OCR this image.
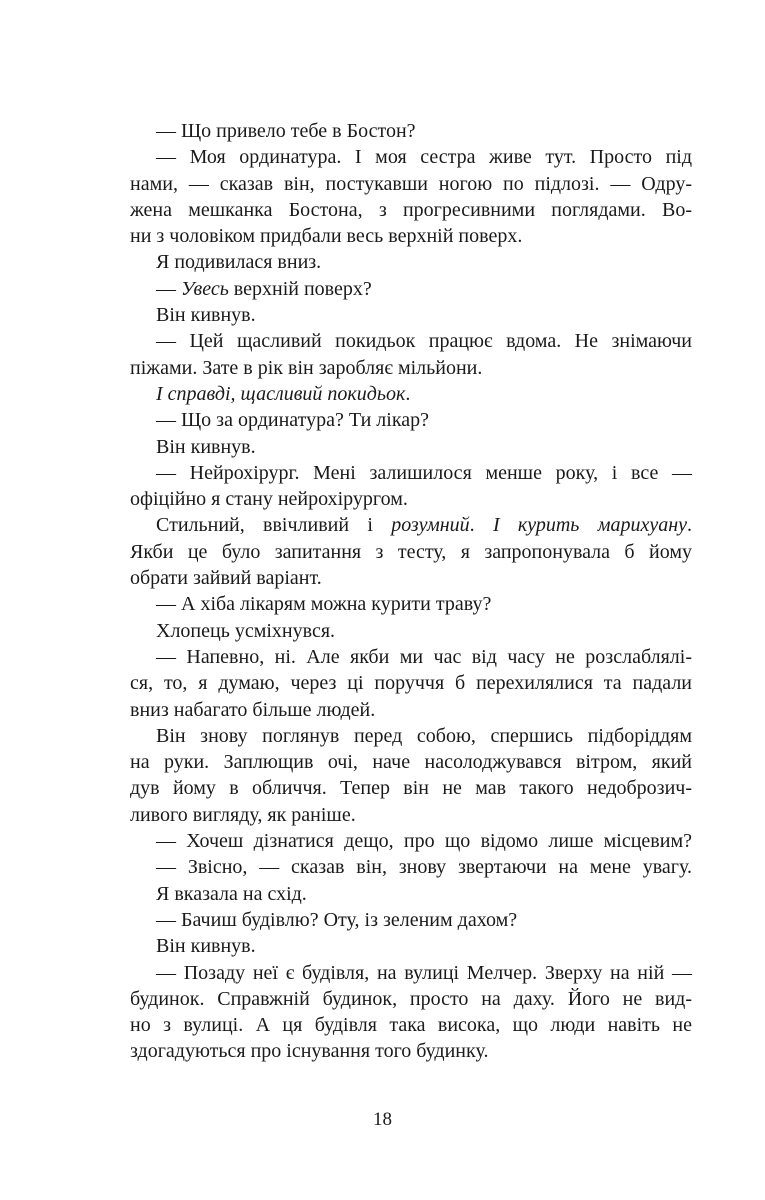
— Що привело тебе в Бостон?
— Моя ординатура. І моя сестра живе тут. Просто під
нами, — сказав він, постукавши ногою по підлозі. — Одру-
жена мешканка Бостона, з прогресивними поглядами. Во-
ни з чоловіком придбали весь верхній поверх.
Я подивилася вниз.
— Увесь верхній поверх?
Він кивнув.
— Цей щасливий покидьок працює вдома. Не знімаючи
піжами. Зате в рік він заробляє мільйони.
І справді, щасливий покидьок.
— Що за ординатура? Ти лікар?
Він кивнув.
— Нейрохірург. Мені залишилося менше року, і все —
офіційно я стану нейрохірургом.
Стильний, ввічливий і розумний. І курить марихуану.
Якби це було запитання з тесту, я запропонувала б йому
обрати зайвий варіант.
— А хіба лікарям можна курити траву?
Хлопець усміхнувся.
— Напевно, ні. Але якби ми час від часу не розслаблялі-
ся, то, я думаю, через ці поруччя б перехилялися та падали
вниз набагато більше людей.
Він знову поглянув перед собою, спершись підборіддям
на руки. Заплющив очі, наче насолоджувався вітром, який
дув йому в обличчя. Тепер він не мав такого недоброзич-
ливого вигляду, як раніше.
— Хочеш дізнатися дещо, про що відомо лише місцевим?
— Звісно, — сказав він, знову звертаючи на мене увагу.
Я вказала на схід.
— Бачиш будівлю? Оту, із зеленим дахом?
Він кивнув.
— Позаду неї є будівля, на вулиці Мелчер. Зверху на ній —
будинок. Справжній будинок, просто на даху. Його не вид-
но з вулиці. А ця будівля така висока, що люди навіть не
здогадуються про існування того будинку.
18
